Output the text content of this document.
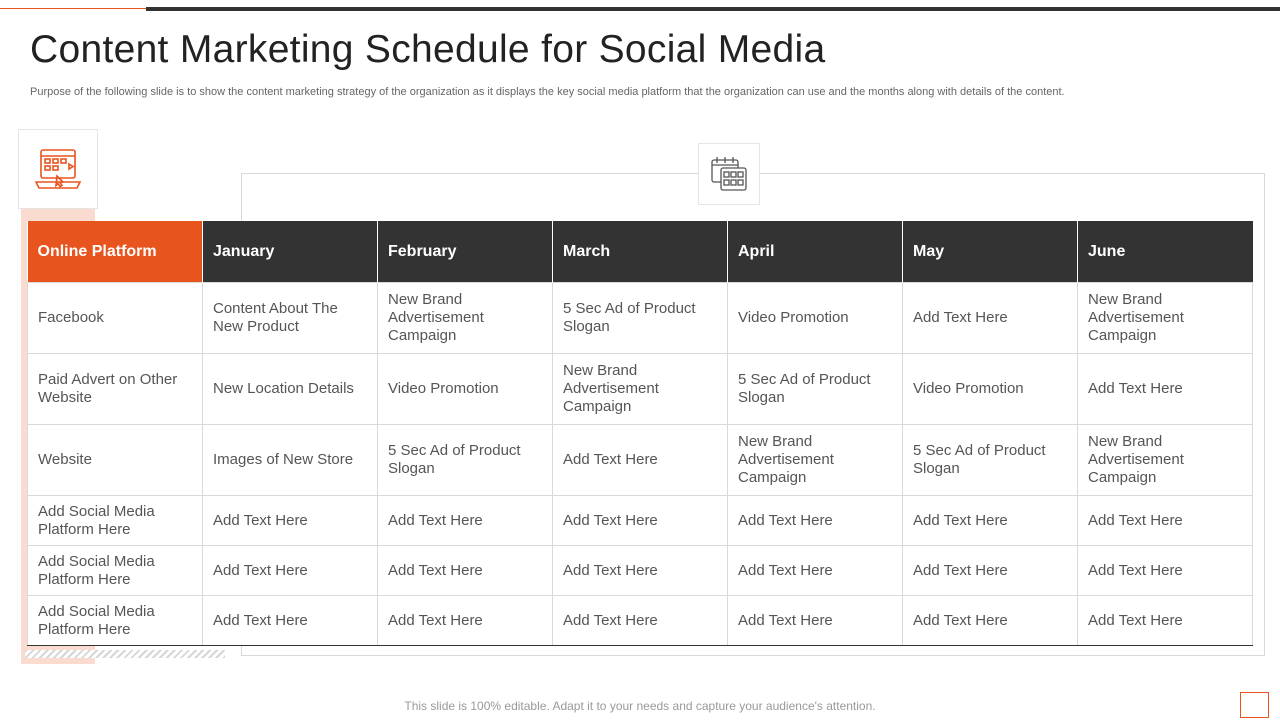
Content Marketing Schedule for Social Media

Purpose of the following slide is to show the content marketing strategy of the organization as it displays the key social media platform that the organization can use and the months along with details of the content.

Online Platform	January	February	March	April	May	June
Facebook	Content About The New Product	New Brand Advertisement Campaign	5 Sec Ad of Product Slogan	Video Promotion	Add Text Here	New Brand Advertisement Campaign
Paid Advert on Other Website	New Location Details	Video Promotion	New Brand Advertisement Campaign	5 Sec Ad of Product Slogan	Video Promotion	Add Text Here
Website	Images of New Store	5 Sec Ad of Product Slogan	Add Text Here	New Brand Advertisement Campaign	5 Sec Ad of Product Slogan	New Brand Advertisement Campaign
Add Social Media Platform Here	Add Text Here	Add Text Here	Add Text Here	Add Text Here	Add Text Here	Add Text Here
Add Social Media Platform Here	Add Text Here	Add Text Here	Add Text Here	Add Text Here	Add Text Here	Add Text Here
Add Social Media Platform Here	Add Text Here	Add Text Here	Add Text Here	Add Text Here	Add Text Here	Add Text Here
This slide is 100% editable. Adapt it to your needs and capture your audience's attention.
